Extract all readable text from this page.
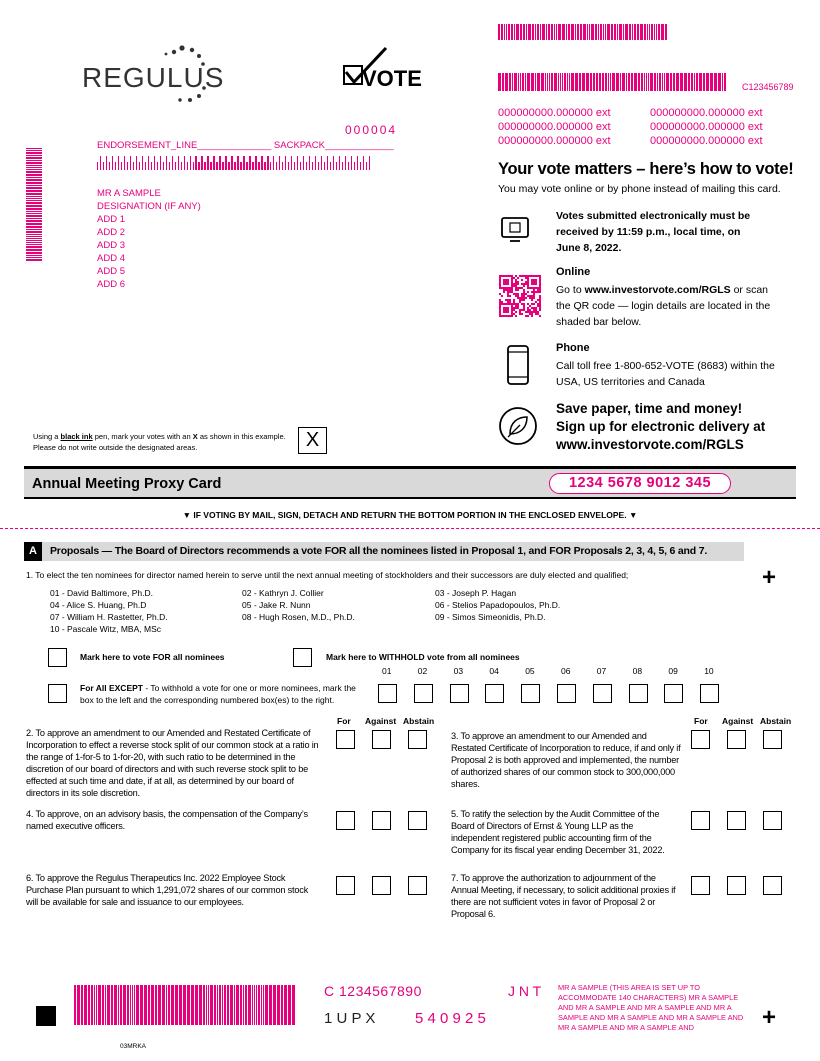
C123456789
REGULUS	VOTE
000004
ENDORSEMENT_LINE______________ SACKPACK_____________
MR A SAMPLE
DESIGNATION (IF ANY)
ADD 1
ADD 2
ADD 3
ADD 4
ADD 5
ADD 6
000000000.000000 ext	000000000.000000 ext
000000000.000000 ext	000000000.000000 ext
000000000.000000 ext	000000000.000000 ext
Your vote matters – here’s how to vote!
You may vote online or by phone instead of mailing this card.
Votes submitted electronically must be received by 11:59 p.m., local time, on June 8, 2022.
Online
Go to www.investorvote.com/RGLS or scan the QR code — login details are located in the shaded bar below.
Phone
Call toll free 1-800-652-VOTE (8683) within the USA, US territories and Canada
Save paper, time and money!
Sign up for electronic delivery at
www.investorvote.com/RGLS
Using a black ink pen, mark your votes with an X as shown in this example.
Please do not write outside the designated areas.	X
Annual Meeting Proxy Card	1234 5678 9012 345
▼ IF VOTING BY MAIL, SIGN, DETACH AND RETURN THE BOTTOM PORTION IN THE ENCLOSED ENVELOPE. ▼
A	Proposals — The Board of Directors recommends a vote FOR all the nominees listed in Proposal 1, and FOR Proposals 2, 3, 4, 5, 6 and 7.
1. To elect the ten nominees for director named herein to serve until the next annual meeting of stockholders and their successors are duly elected and qualified;	+
01 - David Baltimore, Ph.D.	02 - Kathryn J. Collier	03 - Joseph P. Hagan
04 - Alice S. Huang, Ph.D	05 - Jake R. Nunn	06 - Stelios Papadopoulos, Ph.D.
07 - William H. Rastetter, Ph.D.	08 - Hugh Rosen, M.D., Ph.D.	09 - Simos Simeonidis, Ph.D.
10 - Pascale Witz, MBA, MSc
Mark here to vote FOR all nominees	Mark here to WITHHOLD vote from all nominees
For All EXCEPT - To withhold a vote for one or more nominees, mark the box to the left and the corresponding numbered box(es) to the right.
01	02	03	04	05	06	07	08	09	10
For Against Abstain	For Against Abstain
2. To approve an amendment to our Amended and Restated Certificate of Incorporation to effect a reverse stock split of our common stock at a ratio in the range of 1-for-5 to 1-for-20, with such ratio to be determined in the discretion of our board of directors and with such reverse stock split to be effected at such time and date, if at all, as determined by our board of directors in its sole discretion.
3. To approve an amendment to our Amended and Restated Certificate of Incorporation to reduce, if and only if Proposal 2 is both approved and implemented, the number of authorized shares of our common stock to 300,000,000 shares.
4. To approve, on an advisory basis, the compensation of the Company’s named executive officers.
5. To ratify the selection by the Audit Committee of the Board of Directors of Ernst & Young LLP as the independent registered public accounting firm of the Company for its fiscal year ending December 31, 2022.
6. To approve the Regulus Therapeutics Inc. 2022 Employee Stock Purchase Plan pursuant to which 1,291,072 shares of our common stock will be available for sale and issuance to our employees.
7. To approve the authorization to adjournment of the Annual Meeting, if necessary, to solicit additional proxies if there are not sufficient votes in favor of Proposal 2 or Proposal 6.
C 1234567890	J N T
1 U P X	5 4 0 9 2 5
MR A SAMPLE (THIS AREA IS SET UP TO ACCOMMODATE 140 CHARACTERS) MR A SAMPLE AND MR A SAMPLE AND MR A SAMPLE AND MR A SAMPLE AND MR A SAMPLE AND MR A SAMPLE AND MR A SAMPLE AND MR A SAMPLE AND	+
03MRKA
